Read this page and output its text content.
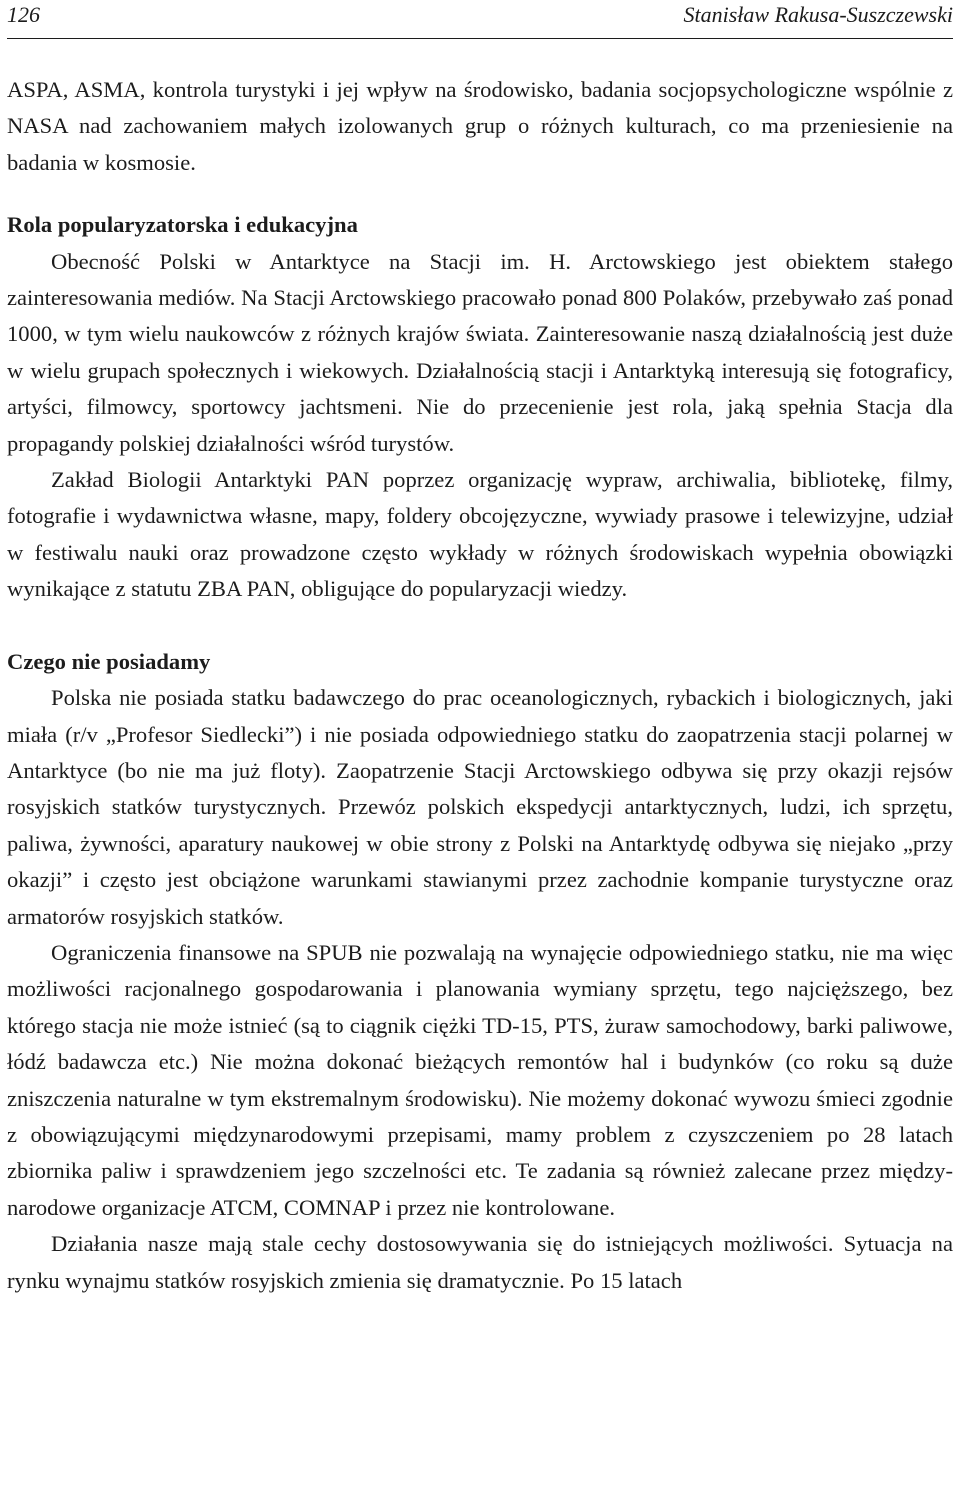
126	Stanisław Rakusa-Suszczewski

ASPA, ASMA, kontrola turystyki i jej wpływ na środowisko, badania socjopsychologiczne wspólnie z NASA nad zachowaniem małych izolowanych grup o różnych kulturach, co ma przeniesienie na badania w kosmosie.

Rola popularyzatorska i edukacyjna

Obecność Polski w Antarktyce na Stacji im. H. Arctowskiego jest obiektem stałego zainteresowania mediów. Na Stacji Arctowskiego pracowało ponad 800 Polaków, przebywało zaś ponad 1000, w tym wielu naukowców z różnych krajów świata. Zainteresowanie naszą działalnością jest duże w wielu grupach społecznych i wiekowych. Działalnością stacji i Antarktyką interesują się fotograficy, artyści, filmowcy, sportowcy jachtsmeni. Nie do przecenienie jest rola, jaką spełnia Stacja dla propagandy polskiej działalności wśród turystów.

Zakład Biologii Antarktyki PAN poprzez organizację wypraw, archiwalia, bibliotekę, filmy, fotografie i wydawnictwa własne, mapy, foldery obcojęzyczne, wywiady prasowe i telewizyjne, udział w festiwalu nauki oraz prowadzone często wykłady w różnych środowiskach wypełnia obowiązki wynikające z statutu ZBA PAN, obligujące do popularyzacji wiedzy.

Czego nie posiadamy

Polska nie posiada statku badawczego do prac oceanologicznych, rybackich i biologicznych, jaki miała (r/v „Profesor Siedlecki”) i nie posiada odpowiedniego statku do zaopatrzenia stacji polarnej w Antarktyce (bo nie ma już floty). Zaopatrzenie Stacji Arctowskiego odbywa się przy okazji rejsów rosyjskich statków turystycznych. Przewóz polskich ekspedycji antarktycznych, ludzi, ich sprzętu, paliwa, żywności, aparatury naukowej w obie strony z Polski na Antarktydę odbywa się niejako „przy okazji” i często jest obciążone warunkami stawianymi przez zachodnie kompanie turystyczne oraz armatorów rosyjskich statków.

Ograniczenia finansowe na SPUB nie pozwalają na wynajęcie odpowiedniego statku, nie ma więc możliwości racjonalnego gospodarowania i planowania wymiany sprzętu, tego najcięższego, bez którego stacja nie może istnieć (są to ciągnik ciężki TD-15, PTS, żuraw samochodowy, barki paliwowe, łódź badawcza etc.) Nie można dokonać bieżących remontów hal i budynków (co roku są duże zniszczenia naturalne w tym ekstremalnym środowisku). Nie możemy dokonać wywozu śmieci zgodnie z obowiązującymi międzynarodowymi przepisami, mamy problem z czyszczeniem po 28 latach zbiornika paliw i sprawdzeniem jego szczelności etc. Te zadania są również zalecane przez międzynarodowe organizacje ATCM, COMNAP i przez nie kontrolowane.

Działania nasze mają stale cechy dostosowywania się do istniejących możliwości. Sytuacja na rynku wynajmu statków rosyjskich zmienia się dramatycznie. Po 15 latach
